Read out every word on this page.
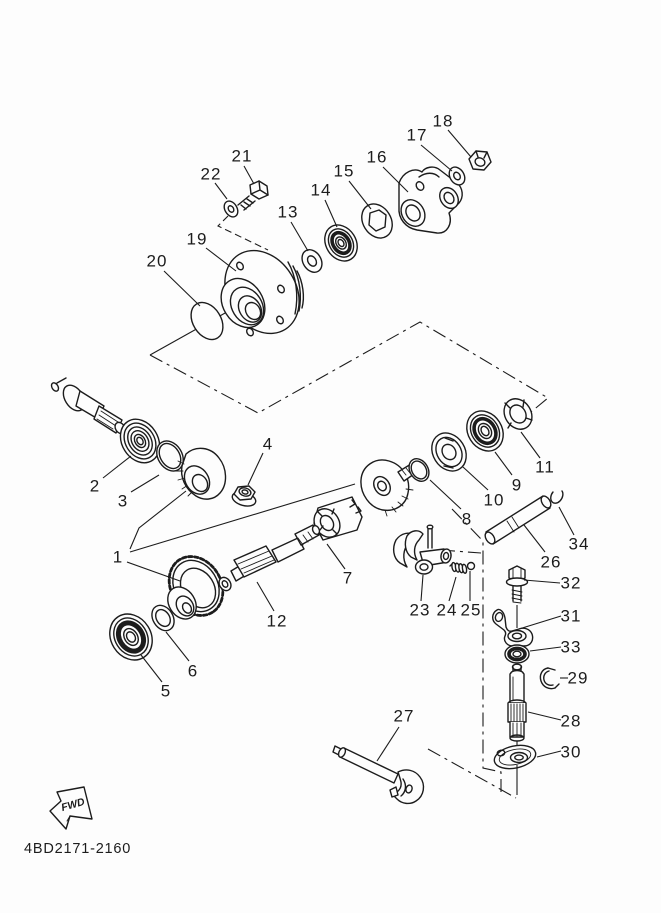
FWD
4BD2171-2160
1
2
3
4
5
6
7
8
9
10
11
12
13
14
15
16
17
18
19
20
21
22
23 24 25
26
27	28
29
30
31
32
33
34
